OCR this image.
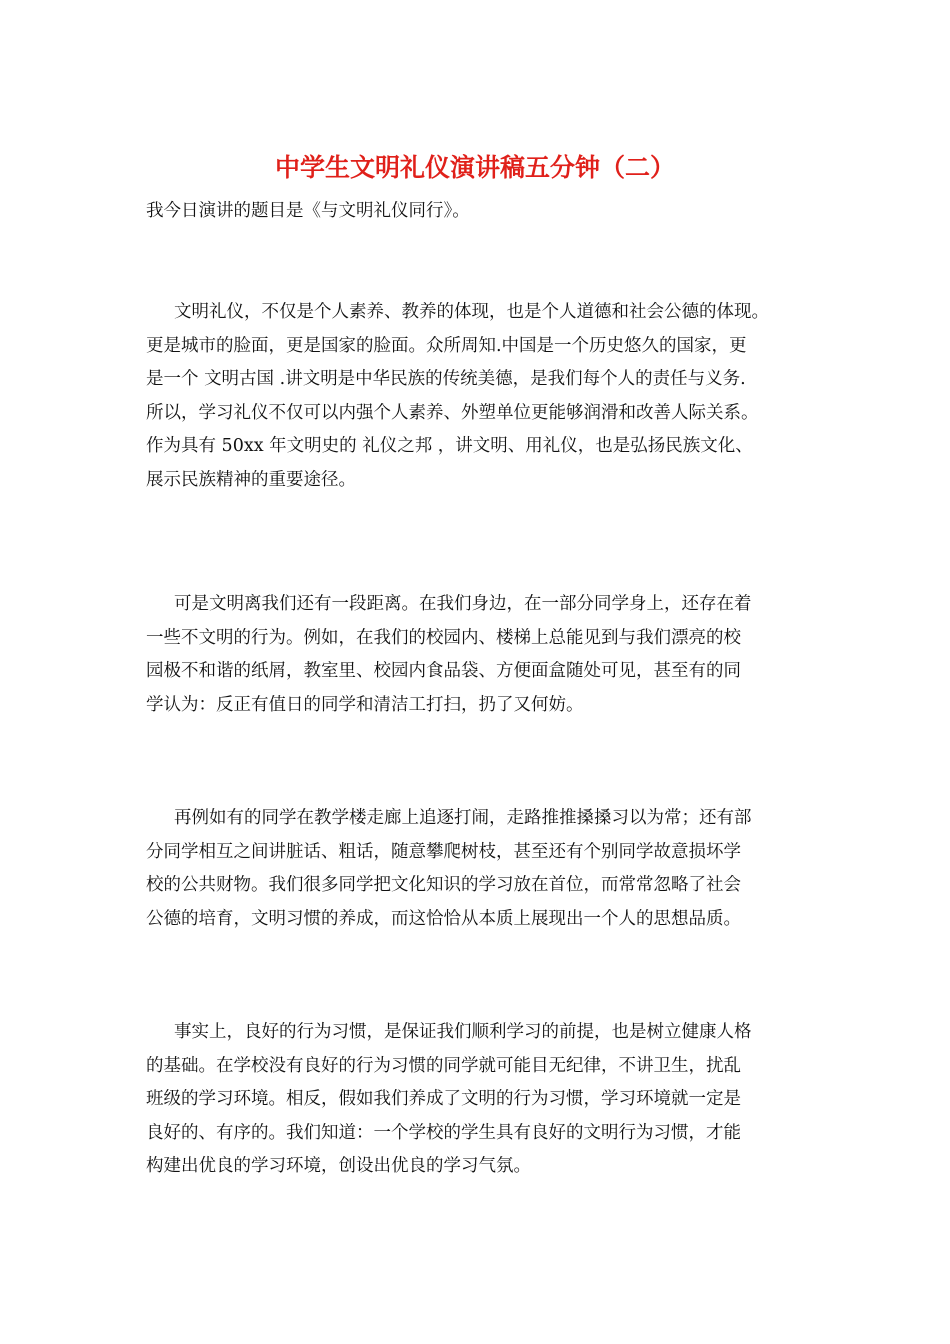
中学生文明礼仪演讲稿五分钟（二）

我今日演讲的题目是《与文明礼仪同行》。

文明礼仪，不仅是个人素养、教养的体现，也是个人道德和社会公德的体现。
更是城市的脸面，更是国家的脸面。众所周知.中国是一个历史悠久的国家，更
是一个 文明古国 .讲文明是中华民族的传统美德，是我们每个人的责任与义务.
所以，学习礼仪不仅可以内强个人素养、外塑单位更能够润滑和改善人际关系。
作为具有 50xx 年文明史的 礼仪之邦 ，讲文明、用礼仪，也是弘扬民族文化、
展示民族精神的重要途径。
可是文明离我们还有一段距离。在我们身边，在一部分同学身上，还存在着
一些不文明的行为。例如，在我们的校园内、楼梯上总能见到与我们漂亮的校
园极不和谐的纸屑，教室里、校园内食品袋、方便面盒随处可见，甚至有的同
学认为：反正有值日的同学和清洁工打扫，扔了又何妨。
再例如有的同学在教学楼走廊上追逐打闹，走路推推搡搡习以为常；还有部
分同学相互之间讲脏话、粗话，随意攀爬树枝，甚至还有个别同学故意损坏学
校的公共财物。我们很多同学把文化知识的学习放在首位，而常常忽略了社会
公德的培育，文明习惯的养成，而这恰恰从本质上展现出一个人的思想品质。
事实上，良好的行为习惯，是保证我们顺利学习的前提，也是树立健康人格
的基础。在学校没有良好的行为习惯的同学就可能目无纪律，不讲卫生，扰乱
班级的学习环境。相反，假如我们养成了文明的行为习惯，学习环境就一定是
良好的、有序的。我们知道：一个学校的学生具有良好的文明行为习惯，才能
构建出优良的学习环境，创设出优良的学习气氛。
